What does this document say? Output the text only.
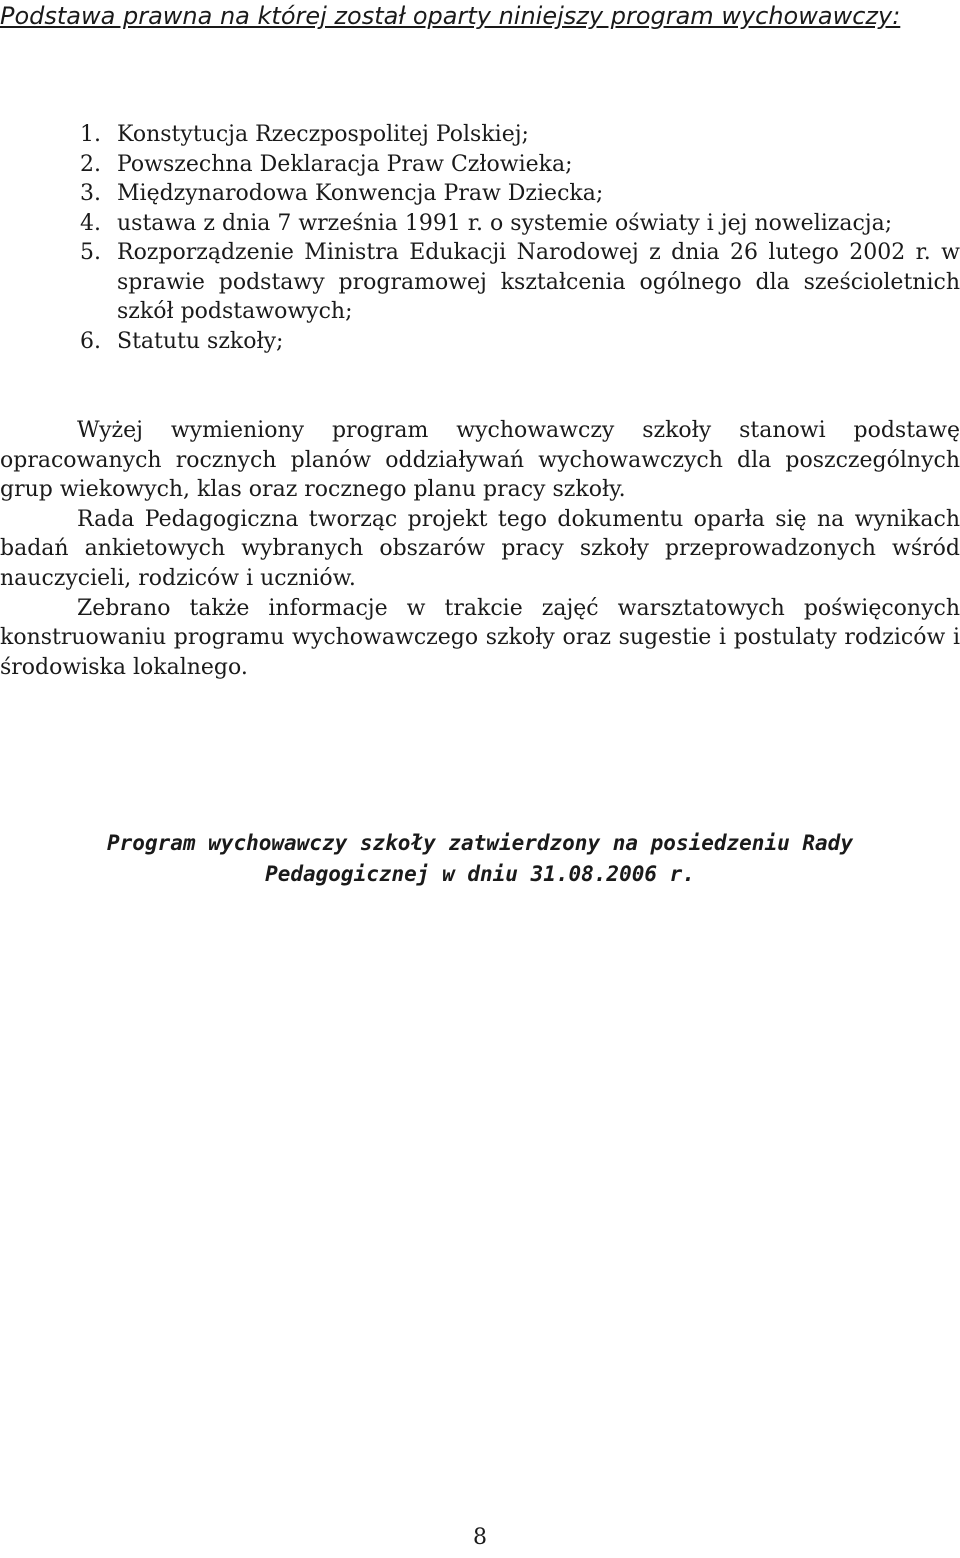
Podstawa prawna na której został oparty niniejszy program wychowawczy:

1. Konstytucja Rzeczpospolitej Polskiej;
2. Powszechna Deklaracja Praw Człowieka;
3. Międzynarodowa Konwencja Praw Dziecka;
4. ustawa z dnia 7 września 1991 r. o systemie oświaty i jej nowelizacja;
5. Rozporządzenie Ministra Edukacji Narodowej z dnia 26 lutego 2002 r. w sprawie podstawy programowej kształcenia ogólnego dla sześcioletnich szkół podstawowych;
6. Statutu szkoły;

Wyżej wymieniony program wychowawczy szkoły stanowi podstawę opracowanych rocznych planów oddziaływań wychowawczych dla poszczególnych grup wiekowych, klas oraz rocznego planu pracy szkoły.

Rada Pedagogiczna tworząc projekt tego dokumentu oparła się na wynikach badań ankietowych wybranych obszarów pracy szkoły przeprowadzonych wśród nauczycieli, rodziców i uczniów.

Zebrano także informacje w trakcie zajęć warsztatowych poświęconych konstruowaniu programu wychowawczego szkoły oraz sugestie i postulaty rodziców i środowiska lokalnego.

Program wychowawczy szkoły zatwierdzony na posiedzeniu Rady
Pedagogicznej w dniu 31.08.2006 r.
8
